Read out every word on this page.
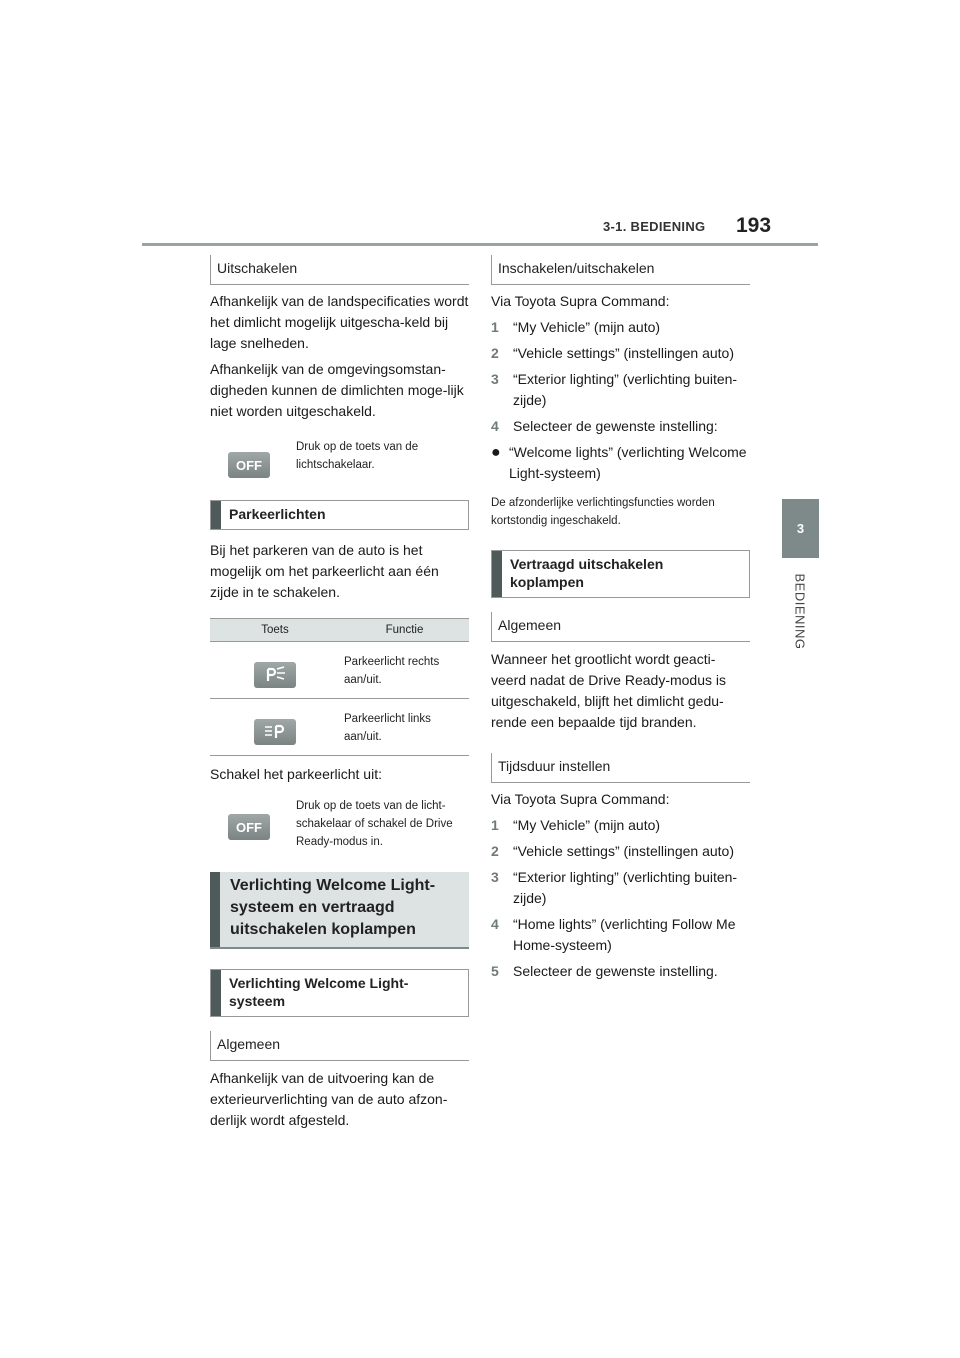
3-1. BEDIENING 193
3
BEDIENING
Uitschakelen

Afhankelijk van de landspecificaties wordt het dimlicht mogelijk uitgescha-keld bij lage snelheden.

Afhankelijk van de omgevingsomstan-digheden kunnen de dimlichten moge-lijk niet worden uitgeschakeld.

OFF
Druk op de toets van de lichtschakelaar.
Parkeerlichten

Bij het parkeren van de auto is het mogelijk om het parkeerlicht aan één zijde in te schakelen.

Toets	Functie

	Parkeerlicht rechts aan/uit.

	Parkeerlicht links aan/uit.

Schakel het parkeerlicht uit:

OFF
Druk op de toets van de licht-schakelaar of schakel de Drive Ready-modus in.
Verlichting Welcome Light-systeem en vertraagd uitschakelen koplampen
Verlichting Welcome Light-systeem
Algemeen

Afhankelijk van de uitvoering kan de exterieurverlichting van de auto afzon-derlijk wordt afgesteld.

Inschakelen/uitschakelen

Via Toyota Supra Command:

1	“My Vehicle” (mijn auto)
2	“Vehicle settings” (instellingen auto)
3	“Exterior lighting” (verlichting buiten-zijde)
4	Selecteer de gewenste instelling:
● “Welcome lights” (verlichting Welcome Light-systeem)

De afzonderlijke verlichtingsfuncties worden kortstondig ingeschakeld.

Vertraagd uitschakelen koplampen
Algemeen

Wanneer het grootlicht wordt geacti-veerd nadat de Drive Ready-modus is uitgeschakeld, blijft het dimlicht gedu-rende een bepaalde tijd branden.

Tijdsduur instellen

Via Toyota Supra Command:

1	“My Vehicle” (mijn auto)
2	“Vehicle settings” (instellingen auto)
3	“Exterior lighting” (verlichting buiten-zijde)
4	“Home lights” (verlichting Follow Me Home-systeem)
5	Selecteer de gewenste instelling.
